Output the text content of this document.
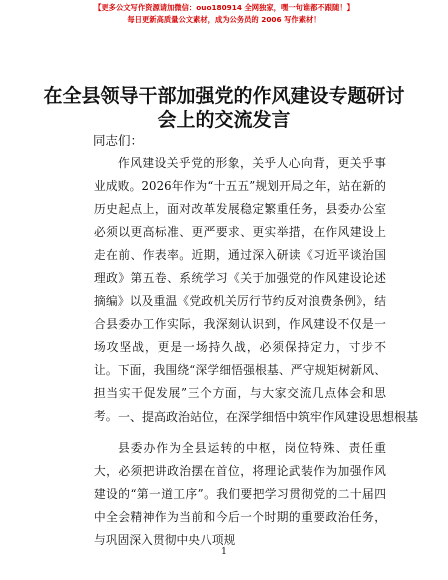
【更多公文写作资源请加微信：ouo180914 全网独家，嘿一句谁都不跟随！】
每日更新高质量公文素材，成为公务员的 2006 写作素材！
在全县领导干部加强党的作风建设专题研讨会上的交流发言
同志们：
作风建设关乎党的形象，关乎人心向背，更关乎事业成败。2026年作为“十五五”规划开局之年，站在新的历史起点上，面对改革发展稳定繁重任务，县委办公室必须以更高标准、更严要求、更实举措，在作风建设上走在前、作表率。近期，通过深入研读《习近平谈治国理政》第五卷、系统学习《关于加强党的作风建设论述摘编》以及重温《党政机关厉行节约反对浪费条例》，结合县委办工作实际，我深刻认识到，作风建设不仅是一场攻坚战，更是一场持久战，必须保持定力，寸步不让。下面，我围绕“深学细悟强根基、严守规矩树新风、担当实干促发展”三个方面，与大家交流几点体会和思考。 一、提高政治站位，在深学细悟中筑牢作风建设思想根基
县委办作为全县运转的中枢，岗位特殊、责任重大，必须把讲政治摆在首位，将理论武装作为加强作风建设的“第一道工序”。我们要把学习贯彻党的二十届四中全会精神作为当前和今后一个时期的重要政治任务，与巩固深入贯彻中央八项规
1
